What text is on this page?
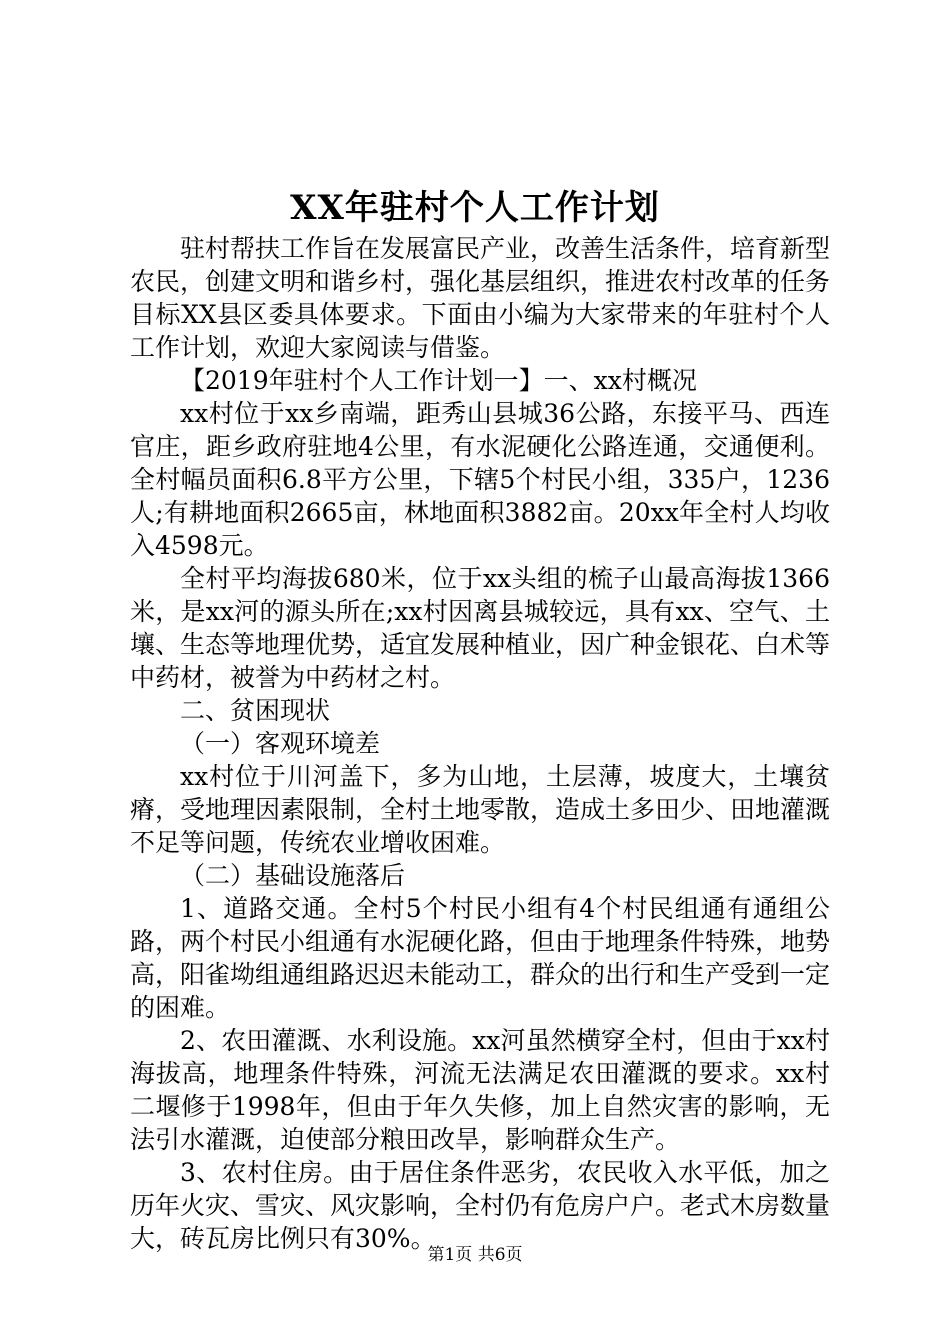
XX年驻村个人工作计划

驻村帮扶工作旨在发展富民产业，改善生活条件，培育新型农民，创建文明和谐乡村，强化基层组织，推进农村改革的任务目标XX县区委具体要求。下面由小编为大家带来的年驻村个人工作计划，欢迎大家阅读与借鉴。

【2019年驻村个人工作计划一】一、xx村概况

xx村位于xx乡南端，距秀山县城36公路，东接平马、西连官庄，距乡政府驻地4公里，有水泥硬化公路连通，交通便利。全村幅员面积6.8平方公里，下辖5个村民小组，335户，1236人;有耕地面积2665亩，林地面积3882亩。20xx年全村人均收入4598元。

全村平均海拔680米，位于xx头组的梳子山最高海拔1366米，是xx河的源头所在;xx村因离县城较远，具有xx、空气、土壤、生态等地理优势，适宜发展种植业，因广种金银花、白术等中药材，被誉为中药材之村。

二、贫困现状

（一）客观环境差

xx村位于川河盖下，多为山地，土层薄，坡度大，土壤贫瘠，受地理因素限制，全村土地零散，造成土多田少、田地灌溉不足等问题，传统农业增收困难。

（二）基础设施落后

1、道路交通。全村5个村民小组有4个村民组通有通组公路，两个村民小组通有水泥硬化路，但由于地理条件特殊，地势高，阳雀坳组通组路迟迟未能动工，群众的出行和生产受到一定的困难。

2、农田灌溉、水利设施。xx河虽然横穿全村，但由于xx村海拔高，地理条件特殊，河流无法满足农田灌溉的要求。xx村二堰修于1998年，但由于年久失修，加上自然灾害的影响，无法引水灌溉，迫使部分粮田改旱，影响群众生产。

3、农村住房。由于居住条件恶劣，农民收入水平低，加之历年火灾、雪灾、风灾影响，全村仍有危房户户。老式木房数量大，砖瓦房比例只有30%。

第1页 共6页
